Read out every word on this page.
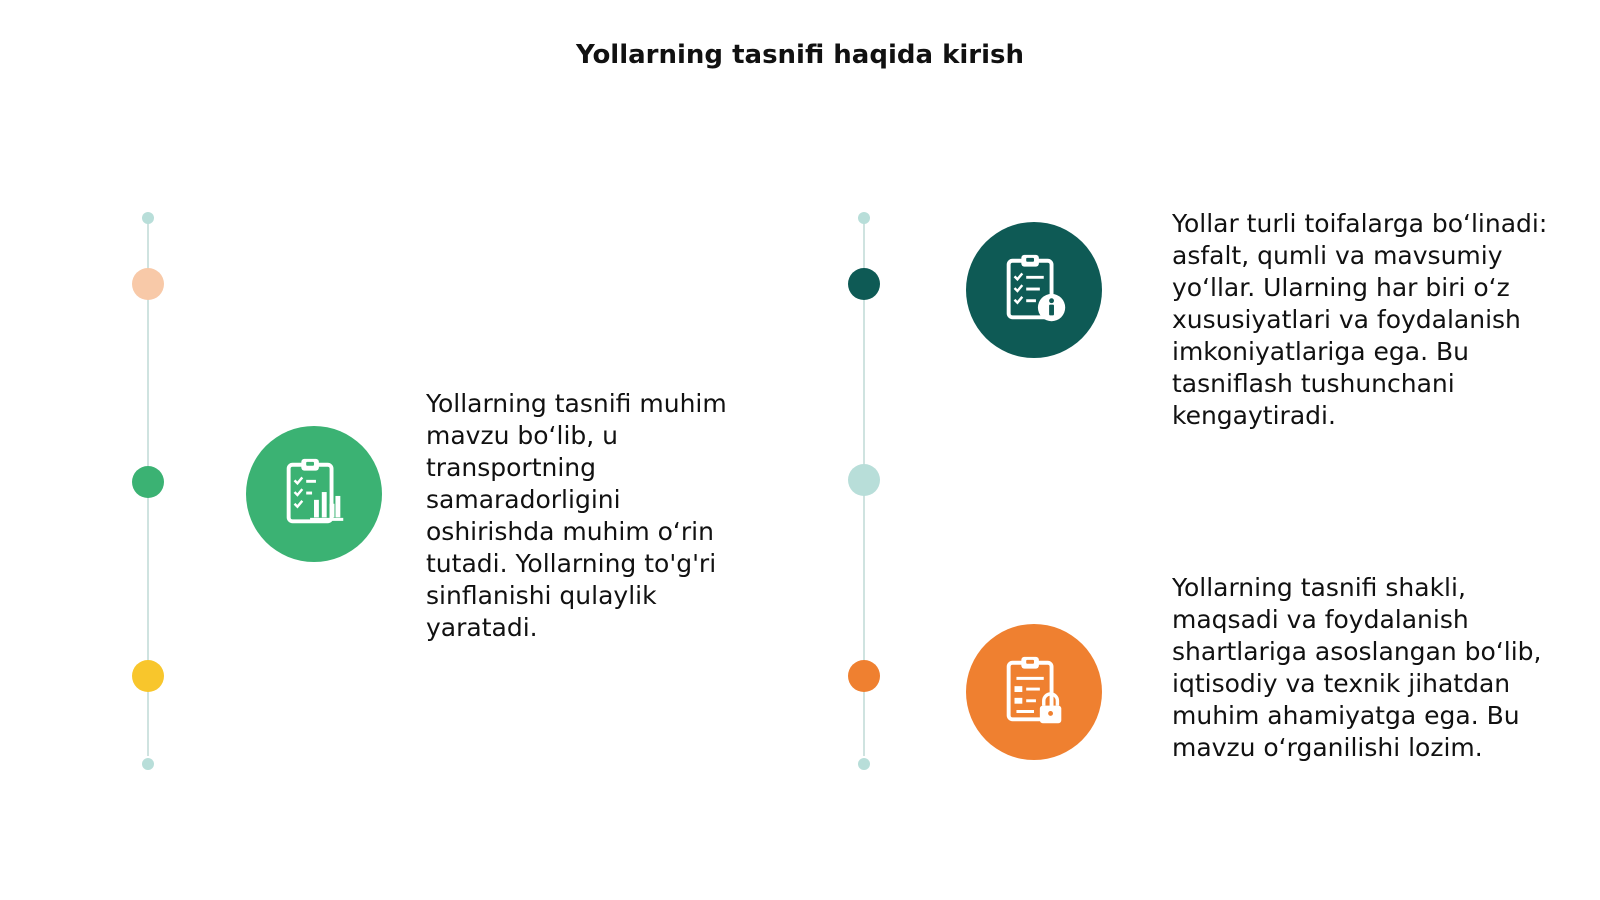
Yollarning tasnifi haqida kirish
Yollarning tasnifi muhim mavzu bo‘lib, u transportning samaradorligini oshirishda muhim o‘rin tutadi. Yollarning to'g'ri sinflanishi qulaylik yaratadi.
Yollar turli toifalarga bo‘linadi: asfalt, qumli va mavsumiy yo‘llar. Ularning har biri o‘z xususiyatlari va foydalanish imkoniyatlariga ega. Bu tasniflash tushunchani kengaytiradi.
Yollarning tasnifi shakli, maqsadi va foydalanish shartlariga asoslangan bo‘lib, iqtisodiy va texnik jihatdan muhim ahamiyatga ega. Bu mavzu o‘rganilishi lozim.
